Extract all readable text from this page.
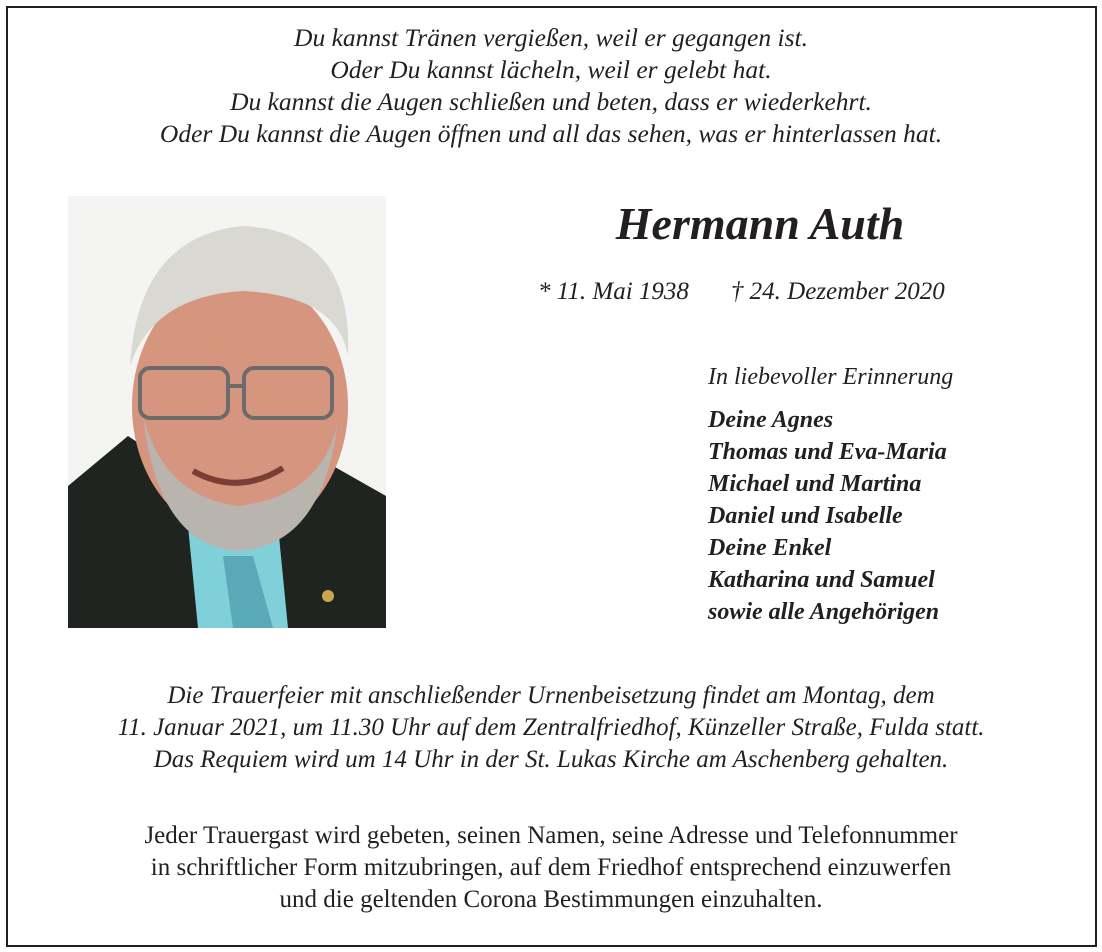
Du kannst Tränen vergießen, weil er gegangen ist.
Oder Du kannst lächeln, weil er gelebt hat.
Du kannst die Augen schließen und beten, dass er wiederkehrt.
Oder Du kannst die Augen öffnen und all das sehen, was er hinterlassen hat.
Hermann Auth
* 11. Mai 1938 † 24. Dezember 2020
In liebevoller Erinnerung
Deine Agnes
Thomas und Eva-Maria
Michael und Martina
Daniel und Isabelle
Deine Enkel
Katharina und Samuel
sowie alle Angehörigen
Die Trauerfeier mit anschließender Urnenbeisetzung findet am Montag, dem
11. Januar 2021, um 11.30 Uhr auf dem Zentralfriedhof, Künzeller Straße, Fulda statt.
Das Requiem wird um 14 Uhr in der St. Lukas Kirche am Aschenberg gehalten.
Jeder Trauergast wird gebeten, seinen Namen, seine Adresse und Telefonnummer
in schriftlicher Form mitzubringen, auf dem Friedhof entsprechend einzuwerfen
und die geltenden Corona Bestimmungen einzuhalten.
